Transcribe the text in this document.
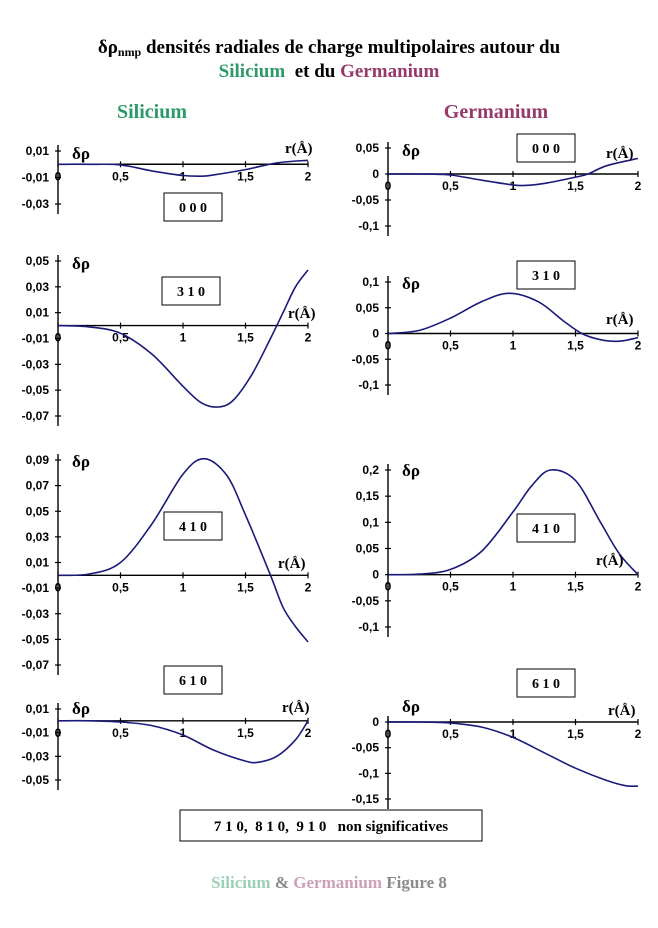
δρnmp densités radiales de charge multipolaires autour du
Silicium  et du Germanium
Silicium	Germanium
0,01
-0,01
-0,03
0	0,5	1	1,5	2
δρ	r(Å)
0 0 0
0,05
0
-0,05
-0,1
0	0,5	1	1,5	2
δρ	r(Å)
0 0 0
0,05
0,03
0,01
-0,01
-0,03
-0,05
-0,07
0	0,5	1	1,5	2
δρ
r(Å)
3 1 0
0,1
0,05
0
-0,05
-0,1
0	0,5	1	1,5	2
δρ
r(Å)
3 1 0
0,09
0,07
0,05
0,03
0,01
-0,01
-0,03
-0,05
-0,07
0	0,5	1	1,5	2
δρ
r(Å)
4 1 0
0,2
0,15
0,1
0,05
0
-0,05
-0,1
0	0,5	1	1,5	2
δρ
r(Å)
4 1 0
0,01
-0,01
-0,03
-0,05
0	0,5	1	1,5	2
δρ	r(Å)
6 1 0
0
-0,05
-0,1
-0,15
0	0,5	1	1,5	2
δρ	r(Å)
6 1 0
7 1 0,  8 1 0,  9 1 0   non significatives
Silicium & Germanium Figure 8
